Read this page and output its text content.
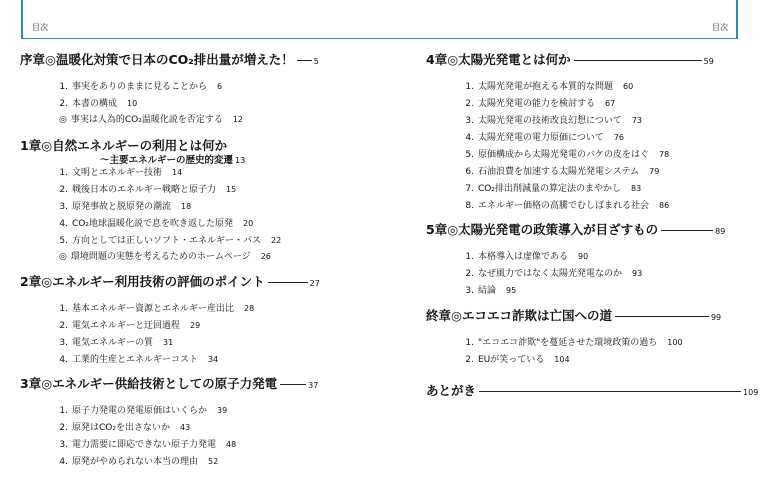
目次
序章◎温暖化対策で日本のCO₂排出量が増えた！	5
1. 事実をありのままに見ることから 6
2. 本書の構成 10
◎ 事実は人為的CO₂温暖化説を否定する 12
1章◎自然エネルギーの利用とは何か
～主要エネルギーの歴史的変遷 13
1. 文明とエネルギー技術 14
2. 戦後日本のエネルギー戦略と原子力 15
3. 原発事故と脱原発の潮流 18
4. CO₂地球温暖化説で息を吹き返した原発 20
5. 方向としては正しいソフト・エネルギー・パス 22
◎ 環境問題の実態を考えるためのホームページ 26
2章◎エネルギー利用技術の評価のポイント	27
1. 基本エネルギー資源とエネルギー産出比 28
2. 電気エネルギーと迂回過程 29
3. 電気エネルギーの質 31
4. 工業的生産とエネルギーコスト 34
3章◎エネルギー供給技術としての原子力発電	37
1. 原子力発電の発電原価はいくらか 39
2. 原発はCO₂を出さないか 43
3. 電力需要に即応できない原子力発電 48
4. 原発がやめられない本当の理由 52
目次
4章◎太陽光発電とは何か	59
1. 太陽光発電が抱える本質的な問題 60
2. 太陽光発電の能力を検討する 67
3. 太陽光発電の技術改良幻想について 73
4. 太陽光発電の電力原価について 76
5. 原価構成から太陽光発電のバケの皮をはぐ 78
6. 石油浪費を加速する太陽光発電システム 79
7. CO₂排出削減量の算定法のまやかし 83
8. エネルギー価格の高騰でむしばまれる社会 86
5章◎太陽光発電の政策導入が目ざすもの	89
1. 本格導入は虚像である 90
2. なぜ風力ではなく太陽光発電なのか 93
3. 結論 95
終章◎エコエコ詐欺は亡国への道	99
1. "エコエコ詐欺"を蔓延させた環境政策の過ち 100
2. EUが笑っている 104
あとがき	109
